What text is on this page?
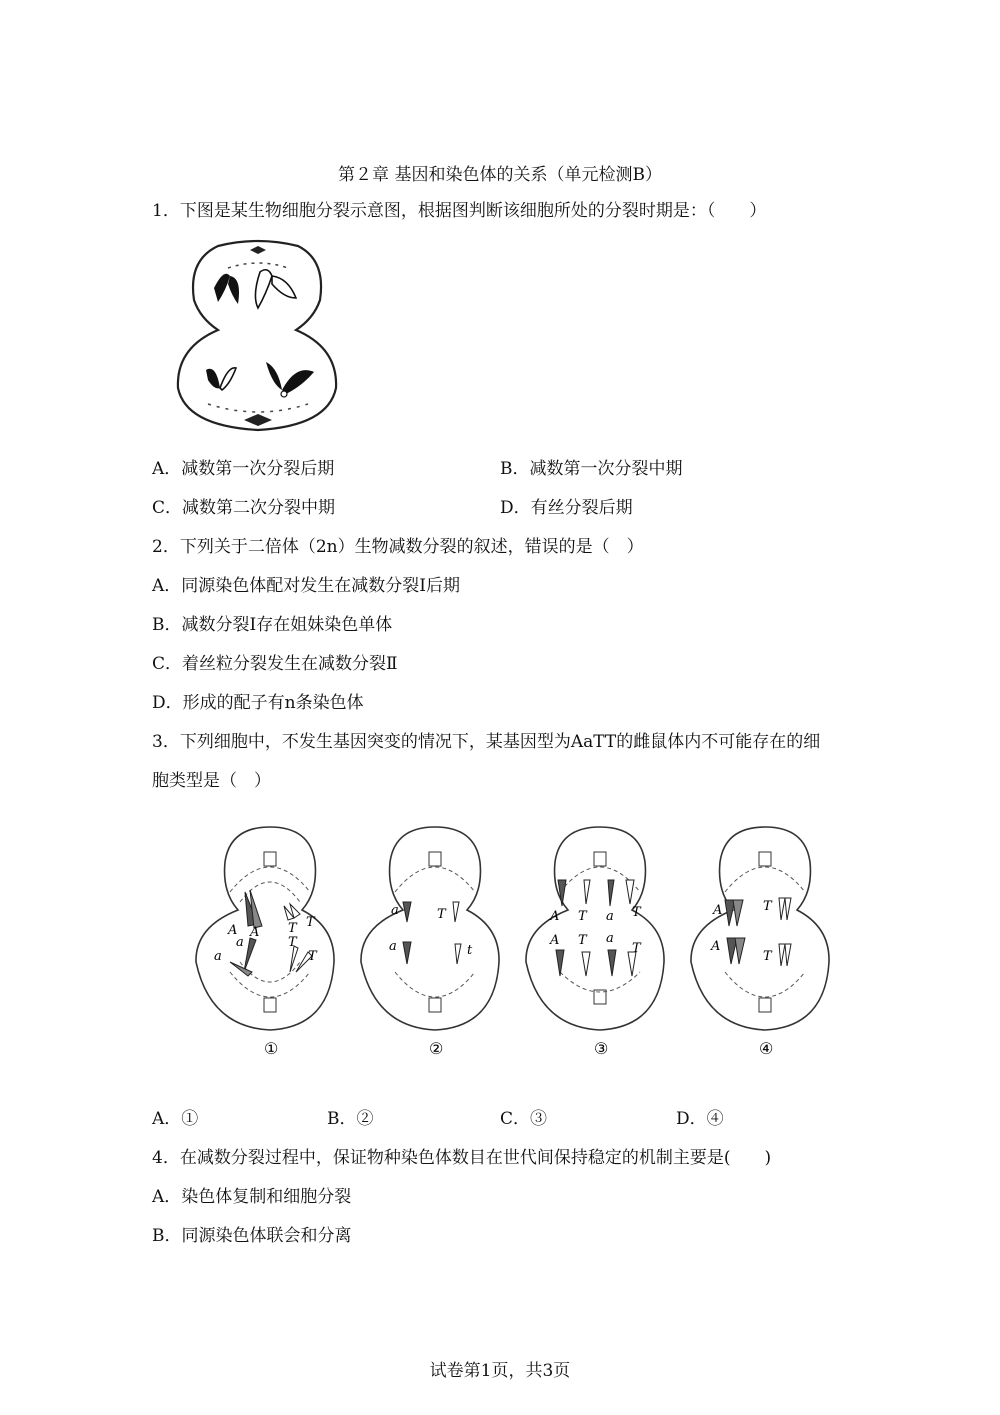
第２章 基因和染色体的关系（单元检测B）
1．下图是某生物细胞分裂示意图，根据图判断该细胞所处的分裂时期是：（　　）
A．减数第一次分裂后期	B．减数第一次分裂中期
C．减数第二次分裂中期	D．有丝分裂后期
2．下列关于二倍体（2n）生物减数分裂的叙述，错误的是（　）
A．同源染色体配对发生在减数分裂Ⅰ后期
B．减数分裂Ⅰ存在姐妹染色单体
C．着丝粒分裂发生在减数分裂Ⅱ
D．形成的配子有n条染色体
3．下列细胞中，不发生基因突变的情况下，某基因型为AaTT的雌鼠体内不可能存在的细
胞类型是（　）
A A
a
a
T
T
T
T
①
a	T
a	t
②
A T a T
A T a
T
③
A	T
A
T
④
A．①	B．②	C．③	D．④
4．在减数分裂过程中，保证物种染色体数目在世代间保持稳定的机制主要是(　　)
A．染色体复制和细胞分裂
B．同源染色体联会和分离
试卷第1页，共3页
